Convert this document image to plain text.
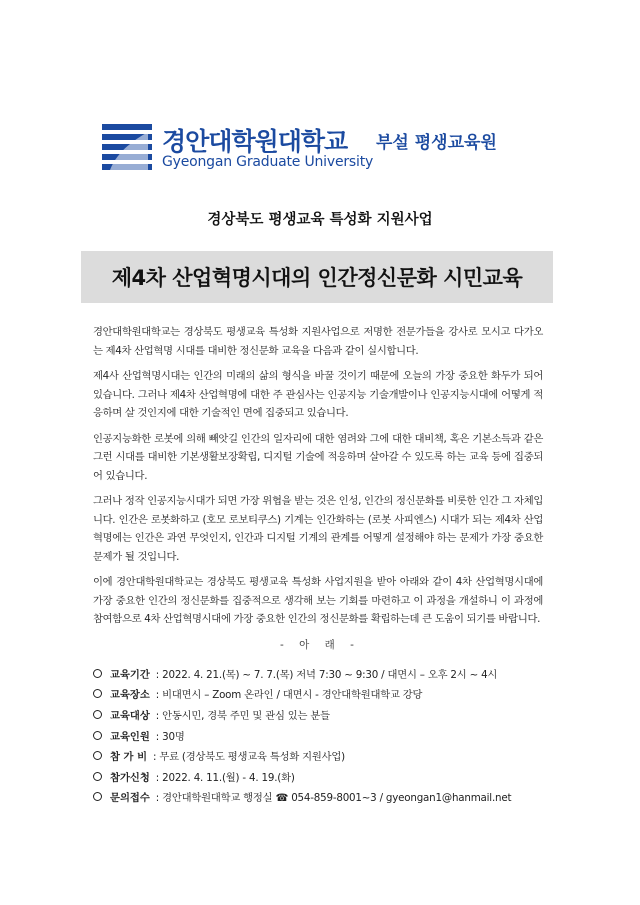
경안대학원대학교
Gyeongan Graduate University
부설 평생교육원
경상북도 평생교육 특성화 지원사업
제4차 산업혁명시대의 인간정신문화 시민교육

경안대학원대학교는 경상북도 평생교육 특성화 지원사업으로 저명한 전문가들을 강사로 모시고 다가오는 제4차 산업혁명 시대를 대비한 정신문화 교육을 다음과 같이 실시합니다.

제4사 산업혁명시대는 인간의 미래의 삶의 형식을 바꿀 것이기 때문에 오늘의 가장 중요한 화두가 되어 있습니다. 그러나 제4차 산업혁명에 대한 주 관심사는 인공지능 기술개발이나 인공지능시대에 어떻게 적응하며 살 것인지에 대한 기술적인 면에 집중되고 있습니다.

인공지능화한 로봇에 의해 빼앗길 인간의 일자리에 대한 염려와 그에 대한 대비책, 혹은 기본소득과 같은 그런 시대를 대비한 기본생활보장확립, 디지털 기술에 적응하며 살아갈 수 있도록 하는 교육 등에 집중되어 있습니다.

그러나 정작 인공지능시대가 되면 가장 위협을 받는 것은 인성, 인간의 정신문화를 비롯한 인간 그 자체입니다. 인간은 로봇화하고 (호모 로보티쿠스) 기계는 인간화하는 (로봇 사피엔스) 시대가 되는 제4차 산업혁명에는 인간은 과연 무엇인지, 인간과 디지털 기계의 관계를 어떻게 설정해야 하는 문제가 가장 중요한 문제가 될 것입니다.

이에 경안대학원대학교는 경상북도 평생교육 특성화 사업지원을 받아 아래와 같이 4차 산업혁명시대에 가장 중요한 인간의 정신문화를 집중적으로 생각해 보는 기회를 마련하고 이 과정을 개설하니 이 과정에 참여함으로 4차 산업혁명시대에 가장 중요한 인간의 정신문화를 확립하는데 큰 도움이 되기를 바랍니다.

- 아 래 -
교육기간 : 2022. 4. 21.(목) ~ 7. 7.(목) 저녁 7:30 ~ 9:30 / 대면시 – 오후 2시 ~ 4시
교육장소 : 비대면시 – Zoom 온라인 / 대면시 - 경안대학원대학교 강당
교육대상 : 안동시민, 경북 주민 및 관심 있는 분들
교육인원 : 30명
참 가 비 : 무료 (경상북도 평생교육 특성화 지원사업)
참가신청 : 2022. 4. 11.(월) - 4. 19.(화)
문의접수 : 경안대학원대학교 행정실 ☎ 054-859-8001~3 / gyeongan1@hanmail.net
